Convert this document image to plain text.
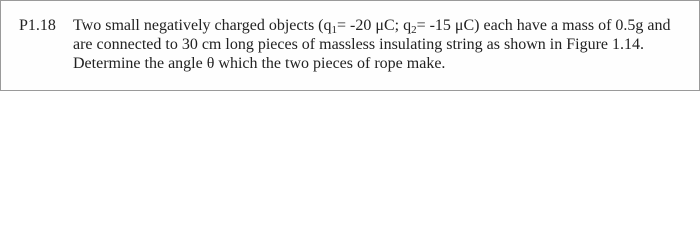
P1.18 Two small negatively charged objects ($q_1= -20$ μC; $q_2= -15$ μC) each have a mass of 0.5g and
are connected to 30 cm long pieces of massless insulating string as shown in Figure 1.14.
Determine the angle θ which the two pieces of rope make.
